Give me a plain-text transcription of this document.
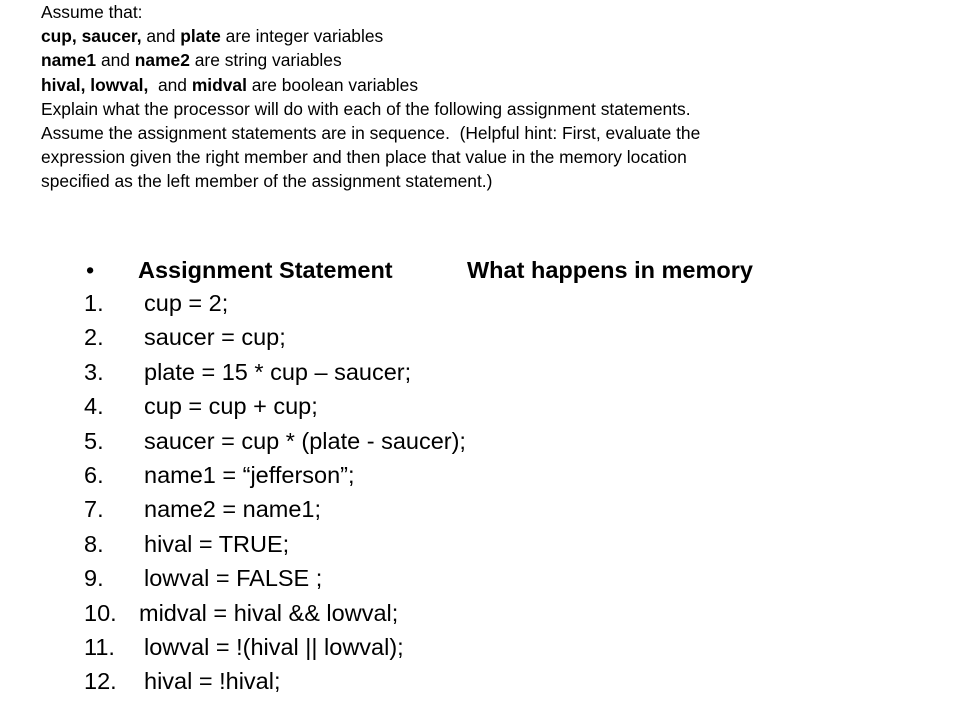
Assume that:
cup, saucer, and plate are integer variables
name1 and name2 are string variables
hival, lowval,  and midval are boolean variables
Explain what the processor will do with each of the following assignment statements.
Assume the assignment statements are in sequence.  (Helpful hint: First, evaluate the
expression given the right member and then place that value in the memory location
specified as the left member of the assignment statement.)
• Assignment Statement	What happens in memory
1. cup = 2;
2. saucer = cup;
3. plate = 15 * cup – saucer;
4. cup = cup + cup;
5. saucer = cup * (plate - saucer);
6. name1 = “jefferson”;
7. name2 = name1;
8. hival = TRUE;
9. lowval = FALSE ;
10. midval = hival && lowval;
11. lowval = !(hival || lowval);
12. hival = !hival;
